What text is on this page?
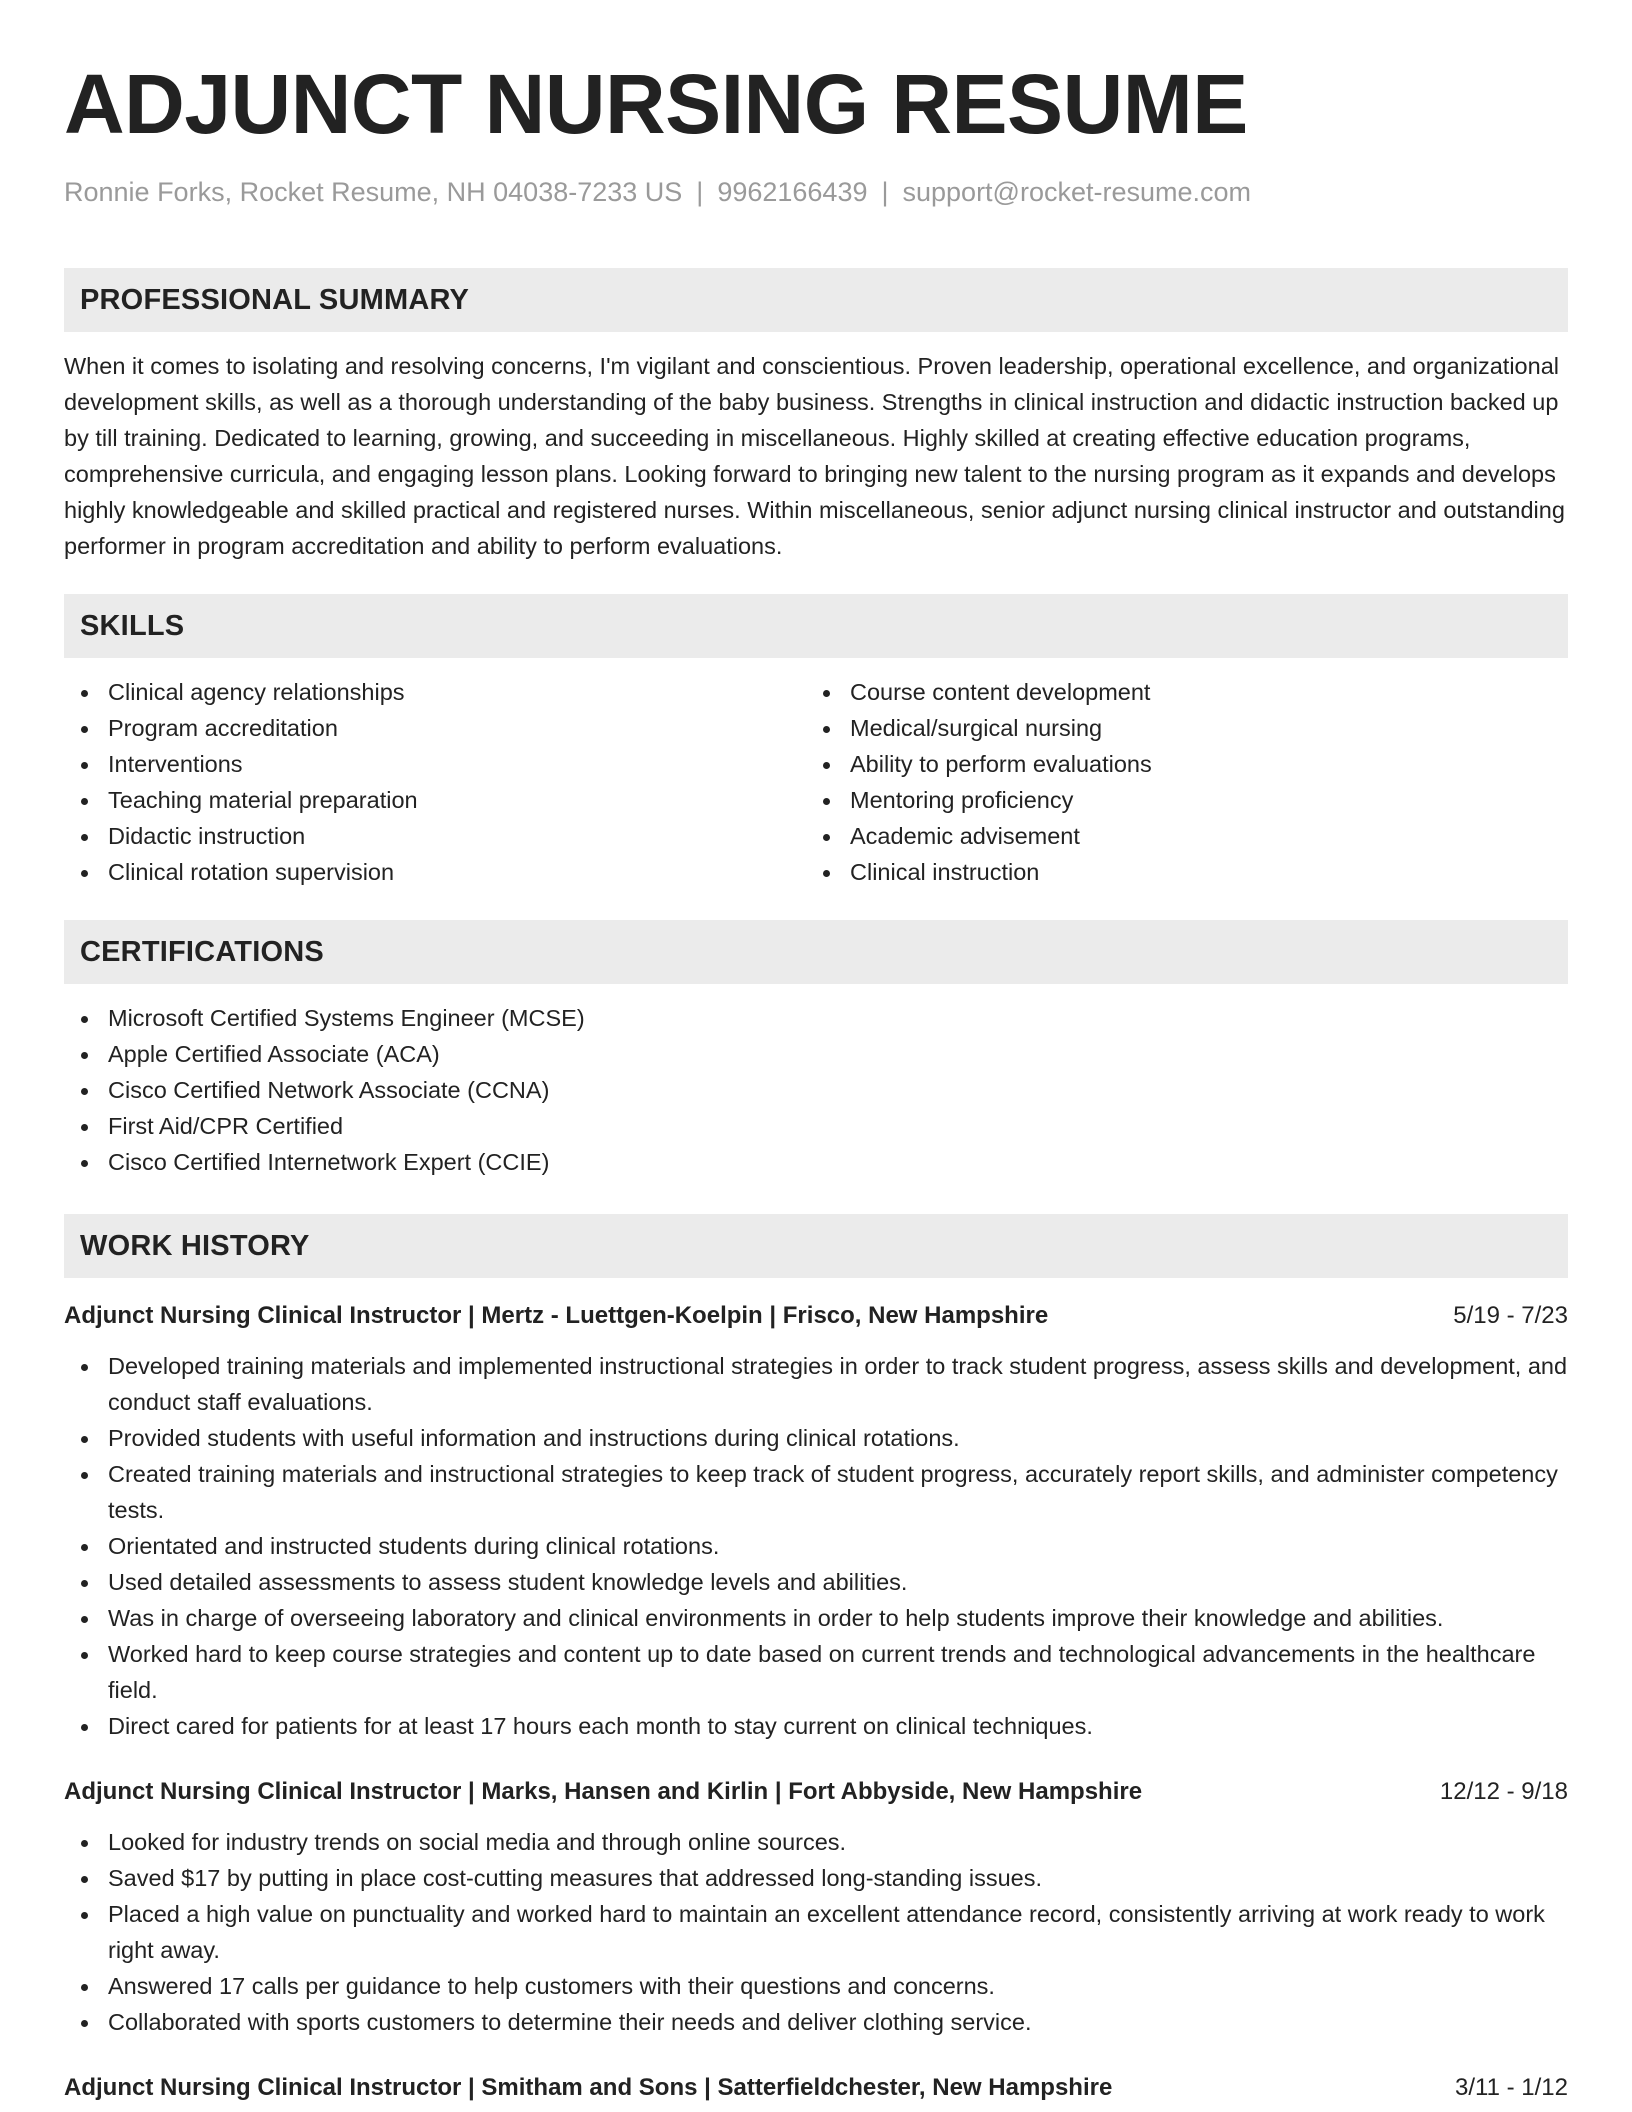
ADJUNCT NURSING RESUME
Ronnie Forks, Rocket Resume, NH 04038-7233 US | 9962166439 | support@rocket-resume.com
PROFESSIONAL SUMMARY

When it comes to isolating and resolving concerns, I'm vigilant and conscientious. Proven leadership, operational excellence, and organizational development skills, as well as a thorough understanding of the baby business. Strengths in clinical instruction and didactic instruction backed up by till training. Dedicated to learning, growing, and succeeding in miscellaneous. Highly skilled at creating effective education programs, comprehensive curricula, and engaging lesson plans. Looking forward to bringing new talent to the nursing program as it expands and develops highly knowledgeable and skilled practical and registered nurses. Within miscellaneous, senior adjunct nursing clinical instructor and outstanding performer in program accreditation and ability to perform evaluations.

SKILLS
Clinical agency relationships
Program accreditation
Interventions
Teaching material preparation
Didactic instruction
Clinical rotation supervision
Course content development
Medical/surgical nursing
Ability to perform evaluations
Mentoring proficiency
Academic advisement
Clinical instruction
CERTIFICATIONS
Microsoft Certified Systems Engineer (MCSE)
Apple Certified Associate (ACA)
Cisco Certified Network Associate (CCNA)
First Aid/CPR Certified
Cisco Certified Internetwork Expert (CCIE)
WORK HISTORY
Adjunct Nursing Clinical Instructor | Mertz - Luettgen-Koelpin | Frisco, New Hampshire	5/19 - 7/23
Developed training materials and implemented instructional strategies in order to track student progress, assess skills and development, and conduct staff evaluations.
Provided students with useful information and instructions during clinical rotations.
Created training materials and instructional strategies to keep track of student progress, accurately report skills, and administer competency tests.
Orientated and instructed students during clinical rotations.
Used detailed assessments to assess student knowledge levels and abilities.
Was in charge of overseeing laboratory and clinical environments in order to help students improve their knowledge and abilities.
Worked hard to keep course strategies and content up to date based on current trends and technological advancements in the healthcare field.
Direct cared for patients for at least 17 hours each month to stay current on clinical techniques.
Adjunct Nursing Clinical Instructor | Marks, Hansen and Kirlin | Fort Abbyside, New Hampshire	12/12 - 9/18
Looked for industry trends on social media and through online sources.
Saved $17 by putting in place cost-cutting measures that addressed long-standing issues.
Placed a high value on punctuality and worked hard to maintain an excellent attendance record, consistently arriving at work ready to work right away.
Answered 17 calls per guidance to help customers with their questions and concerns.
Collaborated with sports customers to determine their needs and deliver clothing service.
Adjunct Nursing Clinical Instructor | Smitham and Sons | Satterfieldchester, New Hampshire	3/11 - 1/12
